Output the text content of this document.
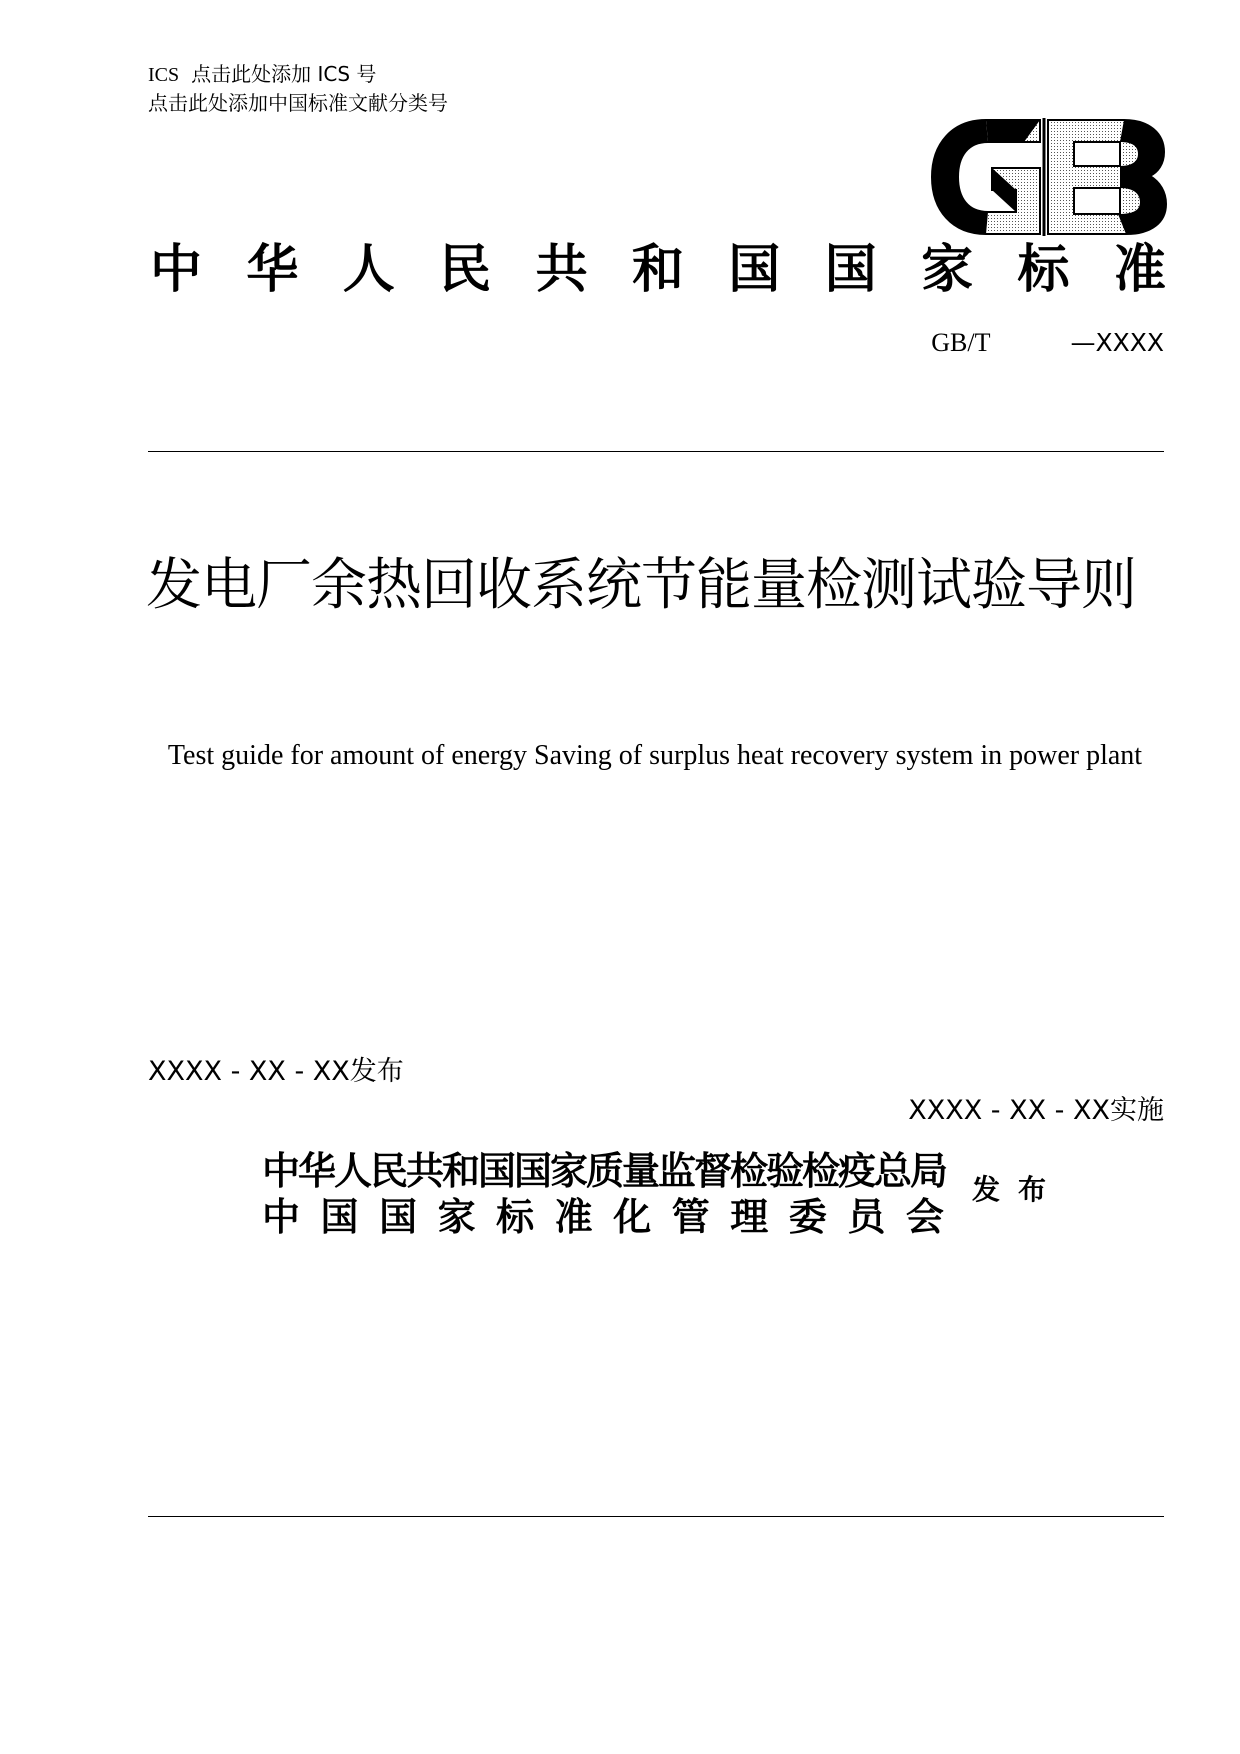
ICS 点击此处添加 ICS 号
点击此处添加中国标准文献分类号
中 华 人 民 共 和 国 国 家 标 准
GB/T	—XXXX
发电厂余热回收系统节能量检测试验导则
Test guide for amount of energy Saving of surplus heat recovery system in power plant
XXXX - XX - XX发布
XXXX - XX - XX实施
中华人民共和国国家质量监督检验检疫总局
中 国 国 家 标 准 化 管 理 委 员 会
发布
